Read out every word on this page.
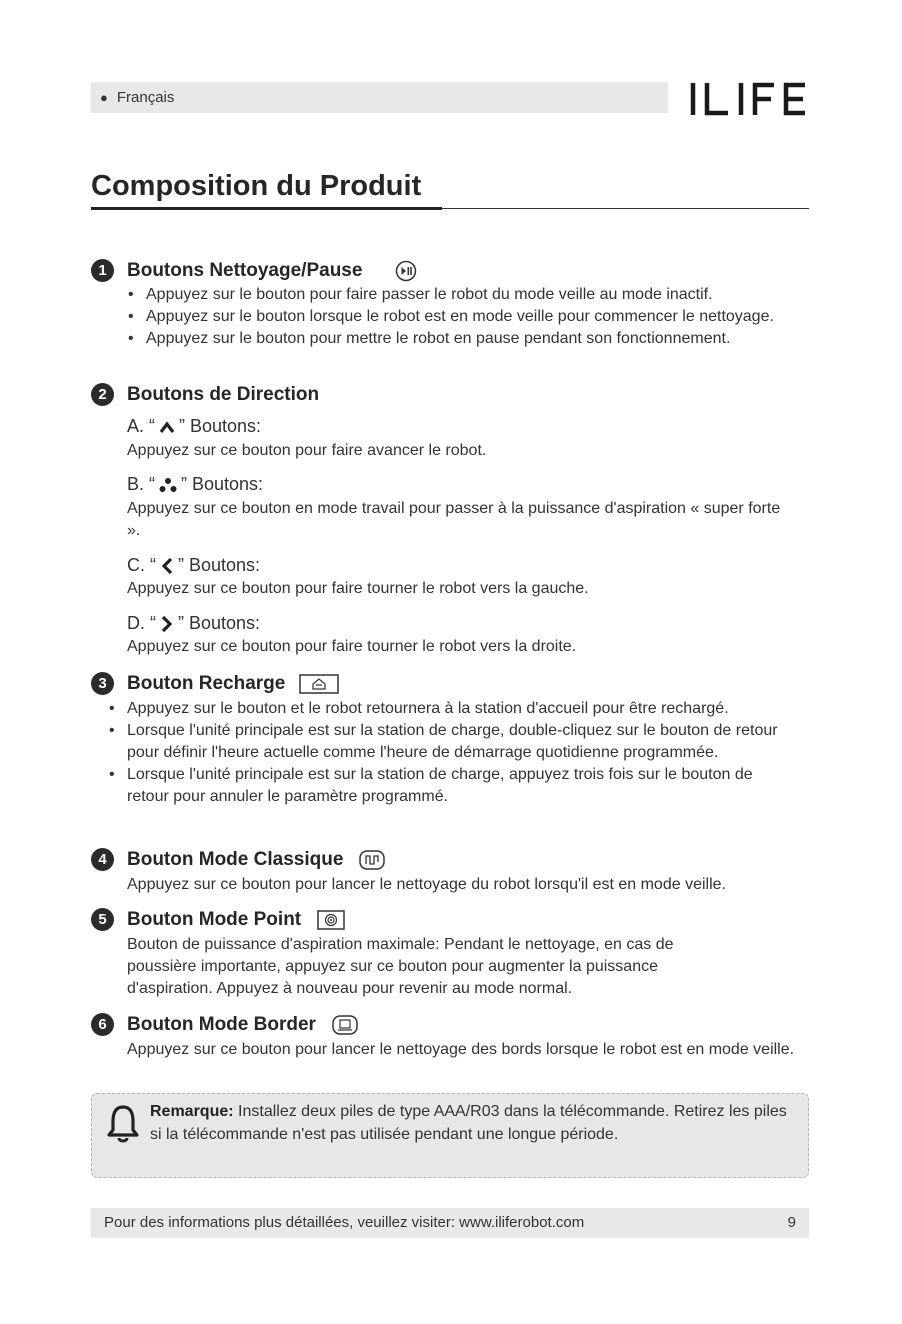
● Français
Composition du Produit
1	Boutons Nettoyage/Pause
• Appuyez sur le bouton pour faire passer le robot du mode veille au mode inactif.
• Appuyez sur le bouton lorsque le robot est en mode veille pour commencer le nettoyage.
• Appuyez sur le bouton pour mettre le robot en pause pendant son fonctionnement.
2	Boutons de Direction
A. “ ” Boutons:

Appuyez sur ce bouton pour faire avancer le robot.

B. “ ” Boutons:

Appuyez sur ce bouton en mode travail pour passer à la puissance d'aspiration « super forte ».

C. “ ” Boutons:

Appuyez sur ce bouton pour faire tourner le robot vers la gauche.

D. “ ” Boutons:

Appuyez sur ce bouton pour faire tourner le robot vers la droite.

3	Bouton Recharge
• Appuyez sur le bouton et le robot retournera à la station d'accueil pour être rechargé.
• Lorsque l'unité principale est sur la station de charge, double-cliquez sur le bouton de retour pour définir l'heure actuelle comme l'heure de démarrage quotidienne programmée.
• Lorsque l'unité principale est sur la station de charge, appuyez trois fois sur le bouton de retour pour annuler le paramètre programmé.
4	Bouton Mode Classique

Appuyez sur ce bouton pour lancer le nettoyage du robot lorsqu'il est en mode veille.

5	Bouton Mode Point

Bouton de puissance d'aspiration maximale: Pendant le nettoyage, en cas de poussière importante, appuyez sur ce bouton pour augmenter la puissance d'aspiration. Appuyez à nouveau pour revenir au mode normal.

6	Bouton Mode Border

Appuyez sur ce bouton pour lancer le nettoyage des bords lorsque le robot est en mode veille.

Remarque: Installez deux piles de type AAA/R03 dans la télécommande. Retirez les piles si la télécommande n'est pas utilisée pendant une longue période.
Pour des informations plus détaillées, veuillez visiter: www.iliferobot.com	9
